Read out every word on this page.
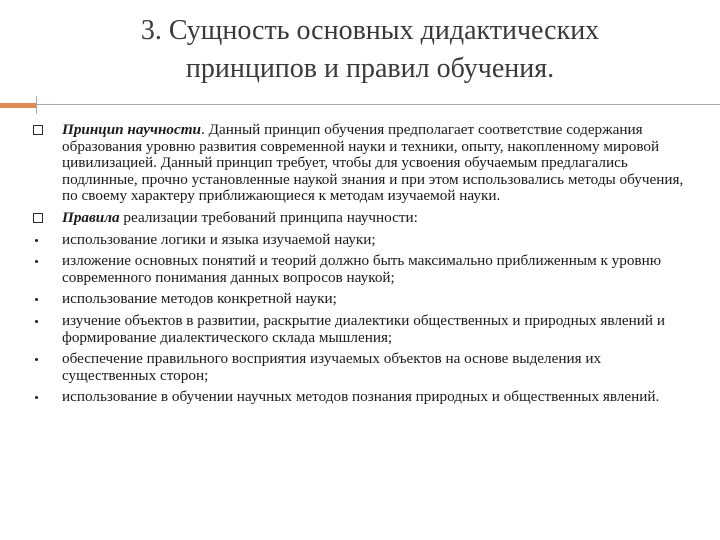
3. Сущность основных дидактических
принципов и правил обучения.
Принцип научности. Данный принцип обучения предполагает соответствие содержания образования уровню развития современной науки и техники, опыту, накопленному мировой цивилизацией. Данный принцип требует, чтобы для усвоения обучаемым предлагались подлинные, прочно установленные наукой знания и при этом использовались методы обучения, по своему характеру приближающиеся к методам изучаемой науки.
Правила реализации требований принципа научности:
использование логики и языка изучаемой науки;
изложение основных понятий и теорий должно быть максимально приближенным к уровню современного понимания данных вопросов наукой;
использование методов конкретной науки;
изучение объектов в развитии, раскрытие диалектики общественных и природных явлений и формирование диалектического склада мышления;
обеспечение правильного восприятия изучаемых объектов на основе выделения их существенных сторон;
использование в обучении научных методов познания природных и общественных явлений.
